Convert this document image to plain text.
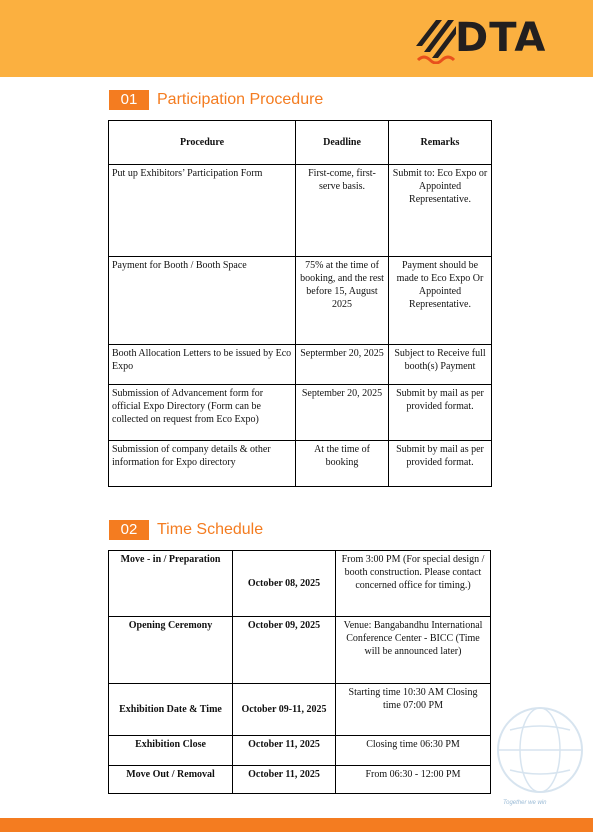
DTA
01	Participation Procedure
Procedure	Deadline	Remarks
Put up Exhibitors’ Participation Form	First-come, first-serve basis.	Submit to: Eco Expo or Appointed Representative.
Payment for Booth / Booth Space	75% at the time of booking, and the rest before 15, August 2025	Payment should be made to Eco Expo Or Appointed Representative.
Booth Allocation Letters to be issued by Eco Expo	Septermber 20, 2025	Subject to Receive full booth(s) Payment
Submission of Advancement form for official Expo Directory (Form can be collected on request from Eco Expo)	September 20, 2025	Submit by mail as per provided format.
Submission of company details & other information for Expo directory	At the time of booking	Submit by mail as per provided format.
02	Time Schedule
Move - in / Preparation	October 08, 2025	From 3:00 PM (For special design / booth construction. Please contact concerned office for timing.)
Opening Ceremony	October 09, 2025	Venue: Bangabandhu International Conference Center - BICC (Time will be announced later)
Exhibition Date & Time	October 09-11, 2025	Starting time 10:30 AM Closing time 07:00 PM
Exhibition Close	October 11, 2025	Closing time 06:30 PM
Move Out / Removal	October 11, 2025	From 06:30 - 12:00 PM
Together we win
